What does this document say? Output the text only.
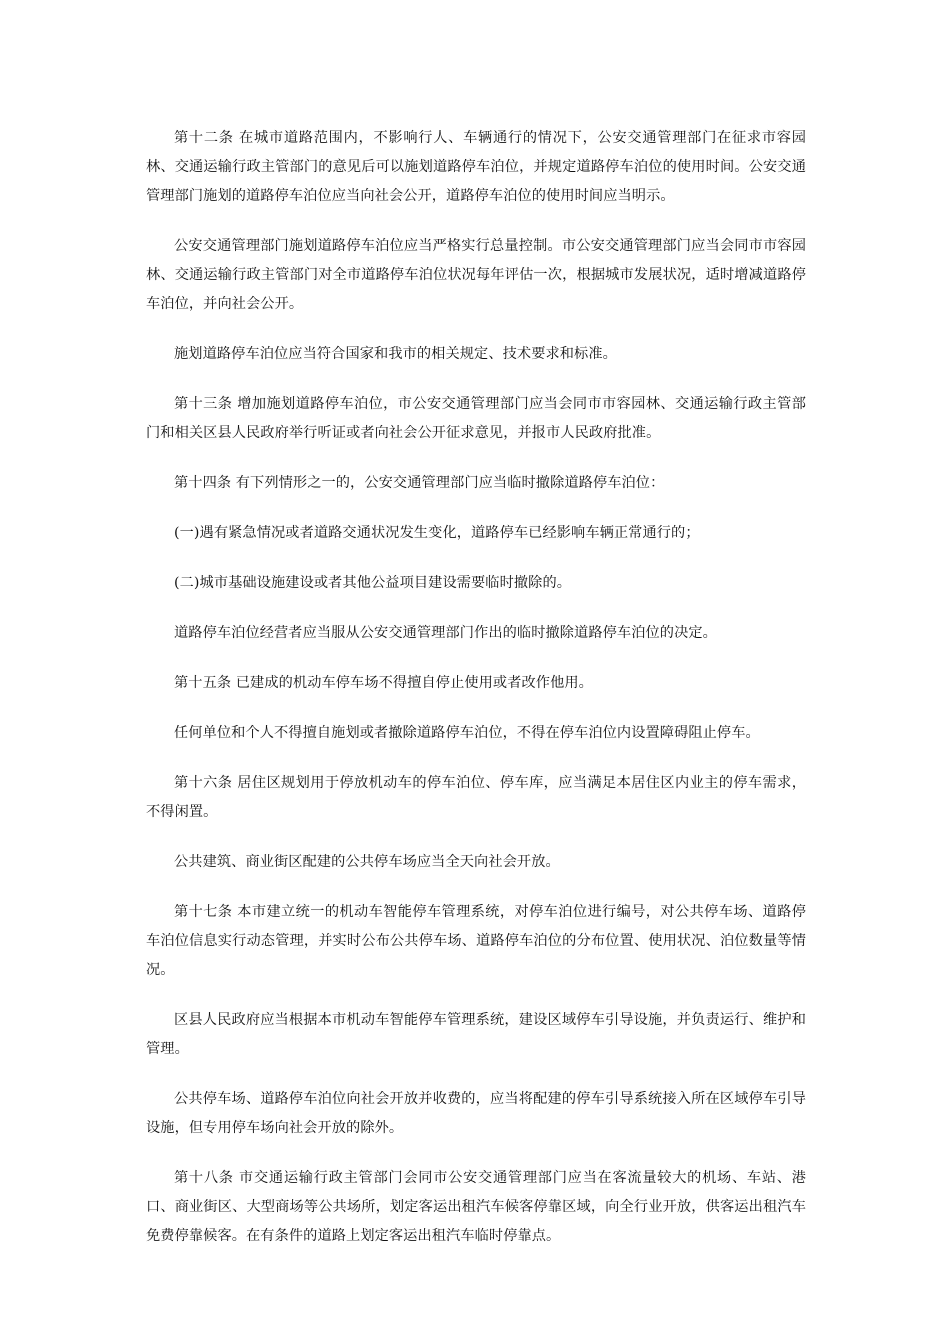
第十二条 在城市道路范围内，不影响行人、车辆通行的情况下，公安交通管理部门在征求市容园林、交通运输行政主管部门的意见后可以施划道路停车泊位，并规定道路停车泊位的使用时间。公安交通管理部门施划的道路停车泊位应当向社会公开，道路停车泊位的使用时间应当明示。

公安交通管理部门施划道路停车泊位应当严格实行总量控制。市公安交通管理部门应当会同市市容园林、交通运输行政主管部门对全市道路停车泊位状况每年评估一次，根据城市发展状况，适时增减道路停车泊位，并向社会公开。

施划道路停车泊位应当符合国家和我市的相关规定、技术要求和标准。

第十三条 增加施划道路停车泊位，市公安交通管理部门应当会同市市容园林、交通运输行政主管部门和相关区县人民政府举行听证或者向社会公开征求意见，并报市人民政府批准。

第十四条 有下列情形之一的，公安交通管理部门应当临时撤除道路停车泊位：

(一)遇有紧急情况或者道路交通状况发生变化，道路停车已经影响车辆正常通行的；

(二)城市基础设施建设或者其他公益项目建设需要临时撤除的。

道路停车泊位经营者应当服从公安交通管理部门作出的临时撤除道路停车泊位的决定。

第十五条 已建成的机动车停车场不得擅自停止使用或者改作他用。

任何单位和个人不得擅自施划或者撤除道路停车泊位，不得在停车泊位内设置障碍阻止停车。

第十六条 居住区规划用于停放机动车的停车泊位、停车库，应当满足本居住区内业主的停车需求，不得闲置。

公共建筑、商业街区配建的公共停车场应当全天向社会开放。

第十七条 本市建立统一的机动车智能停车管理系统，对停车泊位进行编号，对公共停车场、道路停车泊位信息实行动态管理，并实时公布公共停车场、道路停车泊位的分布位置、使用状况、泊位数量等情况。

区县人民政府应当根据本市机动车智能停车管理系统，建设区域停车引导设施，并负责运行、维护和管理。

公共停车场、道路停车泊位向社会开放并收费的，应当将配建的停车引导系统接入所在区域停车引导设施，但专用停车场向社会开放的除外。

第十八条 市交通运输行政主管部门会同市公安交通管理部门应当在客流量较大的机场、车站、港口、商业街区、大型商场等公共场所，划定客运出租汽车候客停靠区域，向全行业开放，供客运出租汽车免费停靠候客。在有条件的道路上划定客运出租汽车临时停靠点。
